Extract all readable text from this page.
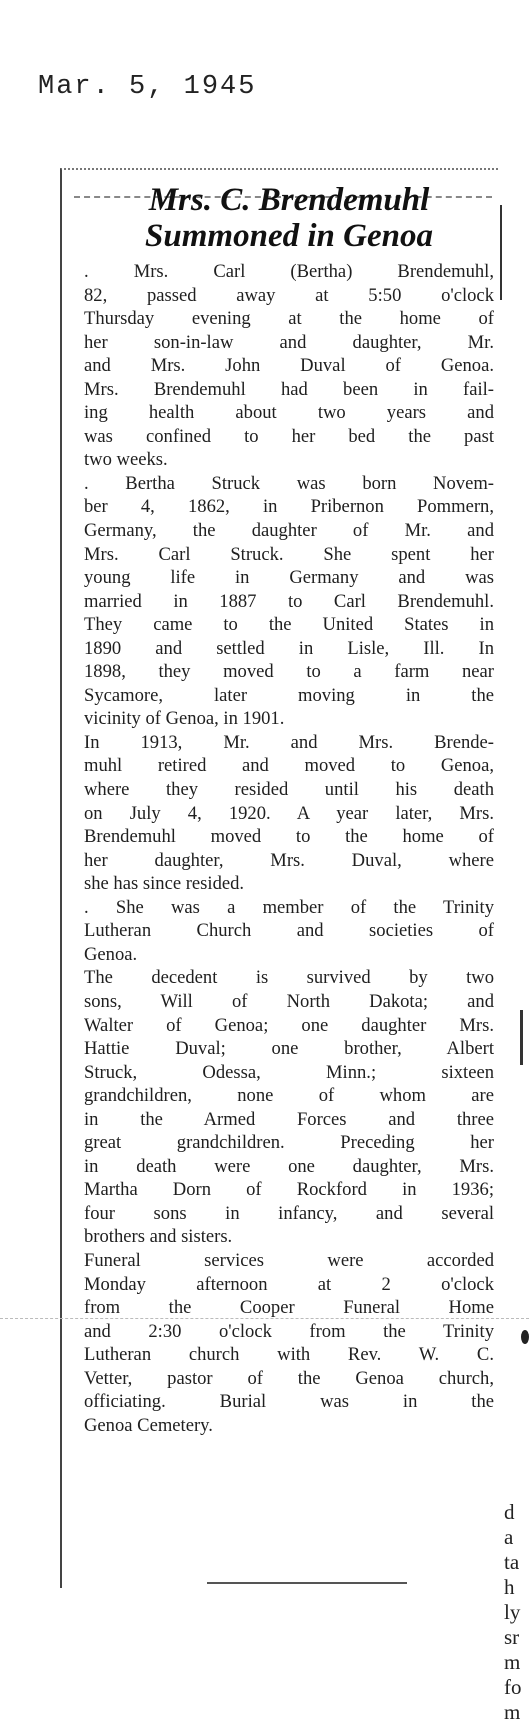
Mar. 5, 1945
Mrs. C. Brendemuhl
Summoned in Genoa
. Mrs. Carl (Bertha) Brendemuhl,
82, passed away at 5:50 o'clock
Thursday evening at the home of
her son-in-law and daughter, Mr.
and Mrs. John Duval of Genoa.
Mrs. Brendemuhl had been in fail-
ing health about two years and
was confined to her bed the past
two weeks.
. Bertha Struck was born Novem-
ber 4, 1862, in Pribernon Pommern,
Germany, the daughter of Mr. and
Mrs. Carl Struck. She spent her
young life in Germany and was
married in 1887 to Carl Brendemuhl.
They came to the United States in
1890 and settled in Lisle, Ill. In
1898, they moved to a farm near
Sycamore, later moving in the
vicinity of Genoa, in 1901.
In 1913, Mr. and Mrs. Brende-
muhl retired and moved to Genoa,
where they resided until his death
on July 4, 1920. A year later, Mrs.
Brendemuhl moved to the home of
her daughter, Mrs. Duval, where
she has since resided.
. She was a member of the Trinity
Lutheran Church and societies of
Genoa.
The decedent is survived by two
sons, Will of North Dakota; and
Walter of Genoa; one daughter Mrs.
Hattie Duval; one brother, Albert
Struck, Odessa, Minn.; sixteen
grandchildren, none of whom are
in the Armed Forces and three
great grandchildren. Preceding her
in death were one daughter, Mrs.
Martha Dorn of Rockford in 1936;
four sons in infancy, and several
brothers and sisters.
Funeral services were accorded
Monday afternoon at 2 o'clock
from the Cooper Funeral Home
and 2:30 o'clock from the Trinity
Lutheran church with Rev. W. C.
Vetter, pastor of the Genoa church,
officiating. Burial was in the
Genoa Cemetery.
d
a
ta
h
ly
sr
m
fo
m
